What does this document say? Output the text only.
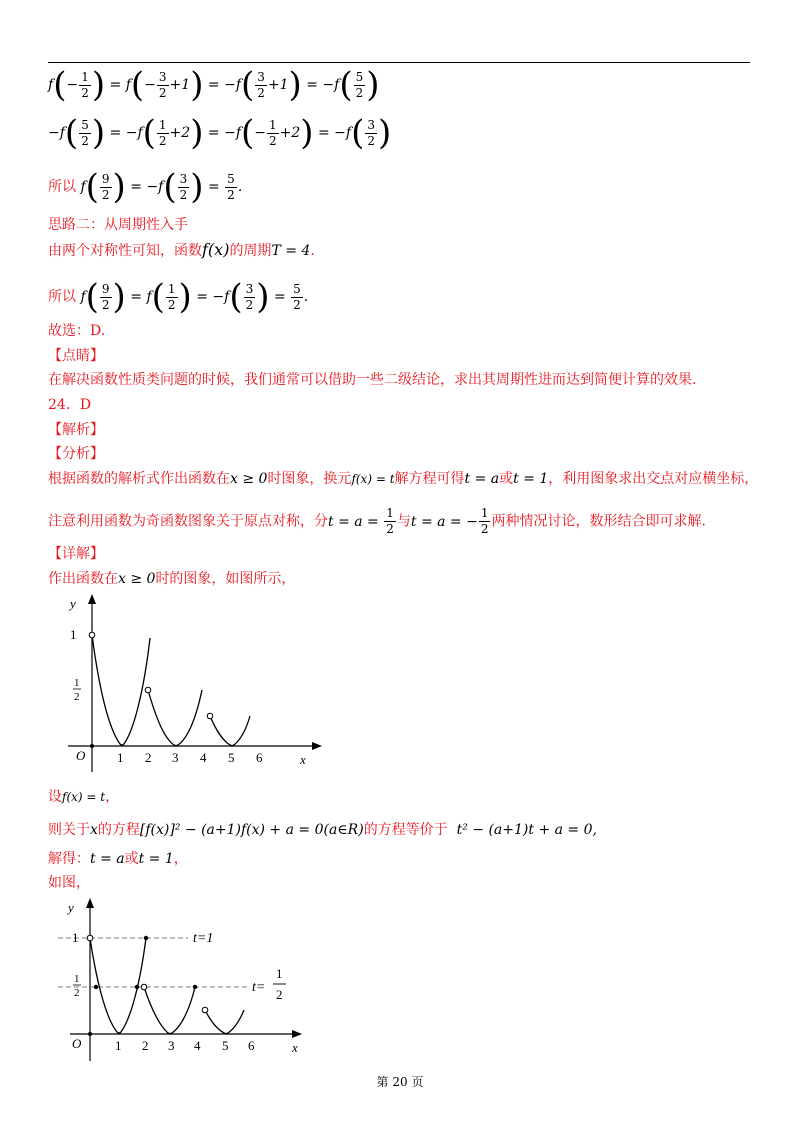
$f(- \frac{1}{2}$ ) = $f(- \frac{3}{2} +1) = -f( \frac{3}{2} +1) = -f( \frac{5}{2}$ )
$-f( \frac{5}{2}$ ) = $-f( \frac{1}{2} +2) = -f(- \frac{1}{2} +2) = -f( \frac{3}{2}$ )
所以 $f( \frac{9}{2}$ ) = $-f( \frac{3}{2}$ ) = $\frac{5}{2}$ .
思路二：从周期性入手
由两个对称性可知，函数f(x)的周期T = 4.
所以 $f( \frac{9}{2}$ ) = $f( \frac{1}{2}$ ) = $-f( \frac{3}{2}$ ) = $\frac{5}{2}$ .
故选：D.
【点睛】
在解决函数性质类问题的时候，我们通常可以借助一些二级结论，求出其周期性进而达到简便计算的效果.
24．D
【解析】
【分析】
根据函数的解析式作出函数在x ≥ 0时图象，换元f(x) = t解方程可得t = a或t = 1，利用图象求出交点对应横坐标，
注意利用函数为奇函数图象关于原点对称，分$t = a = \frac{1}{2}$ 与t = a = − $\frac{1}{2}$ 两种情况讨论，数形结合即可求解.
【详解】
作出函数在x ≥ 0时的图象，如图所示，
y
x
O
1
1
2
1 2 3 4 5 6
设f(x) = t，
则关于x的方程[f(x)]² − (a+1)f(x) + a = 0(a∈R)的方程等价于 t² − (a+1)t + a = 0,
解得：t = a或t = 1，
如图，
y
x
O
1
1
2
t=1
t=
1
2
1 2 3 4 5 6
第 20 页
